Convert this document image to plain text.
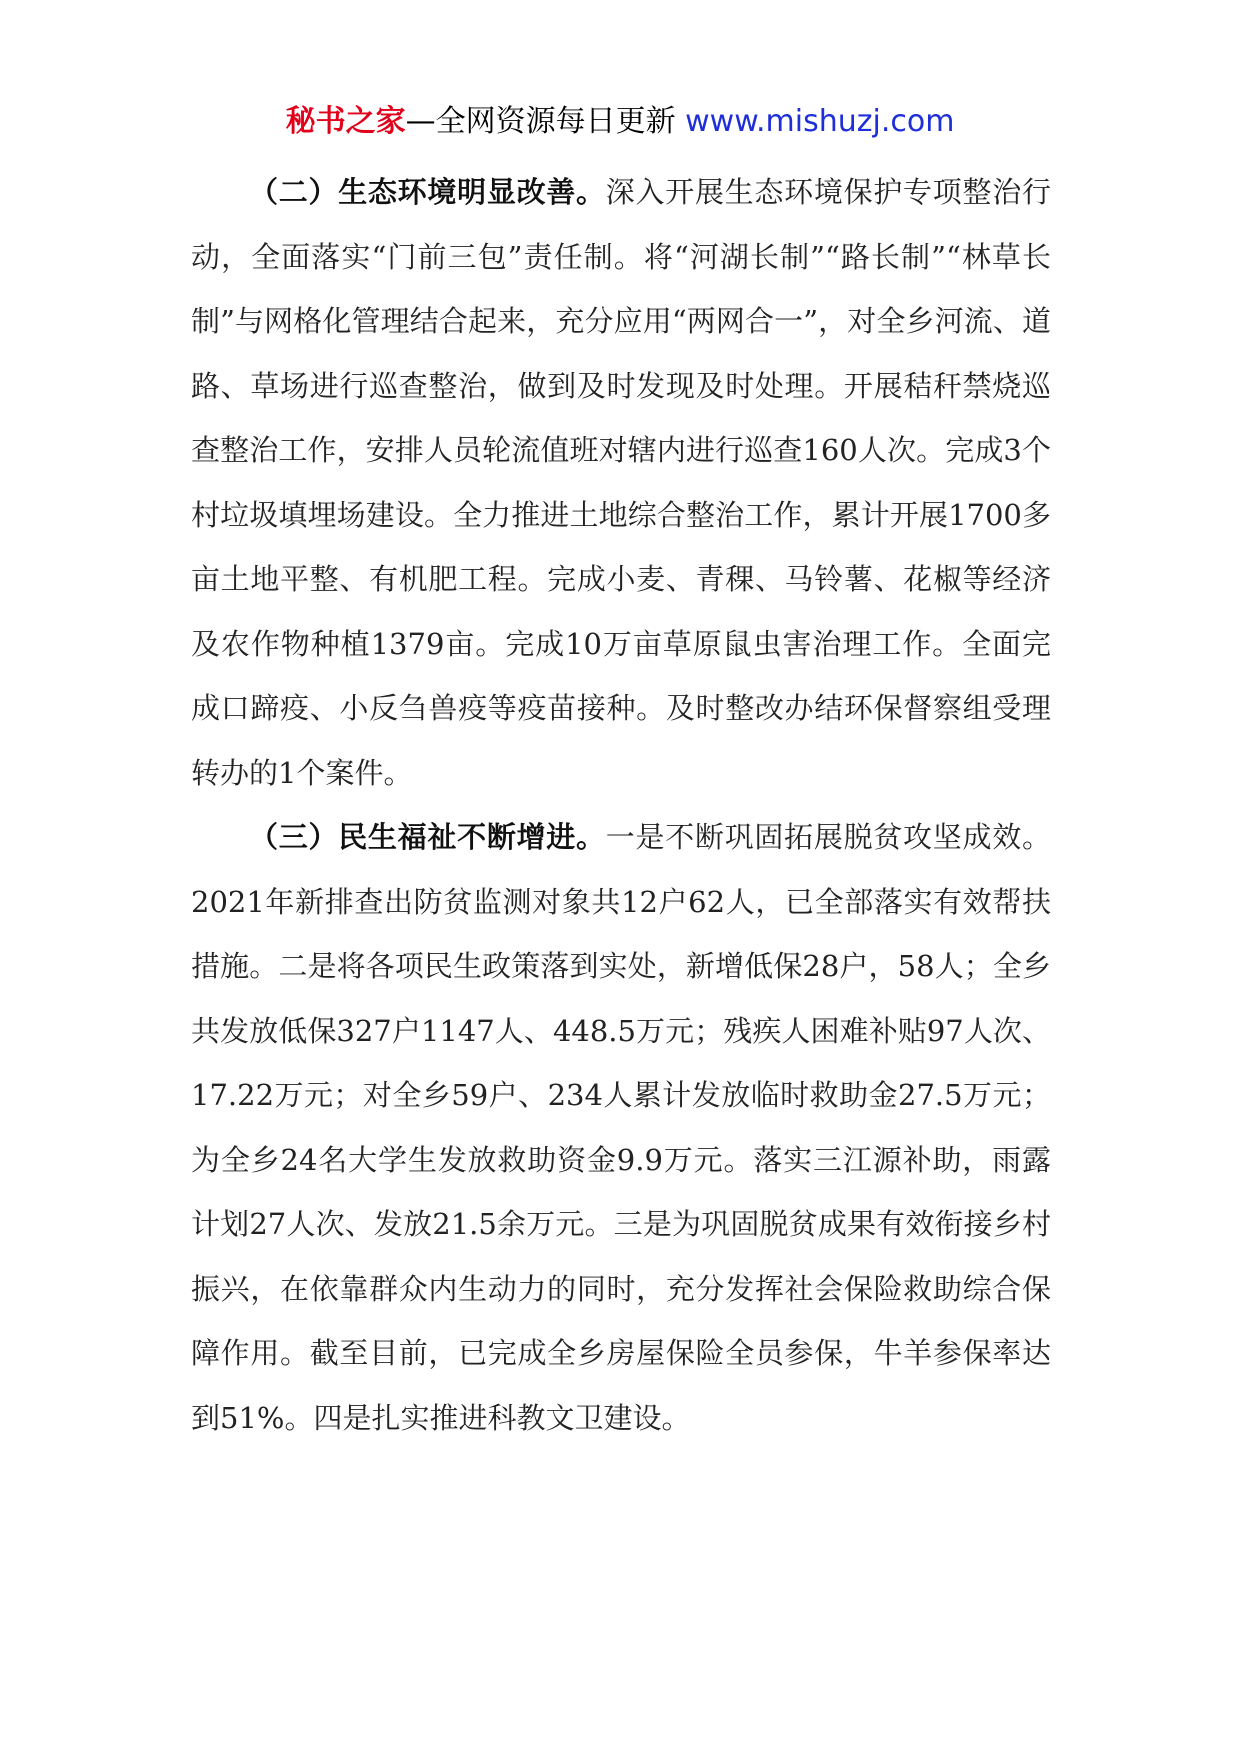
秘书之家—全网资源每日更新 www.mishuzj.com

（二）生态环境明显改善。深入开展生态环境保护专项整治行动，全面落实“门前三包”责任制。将“河湖长制”“路长制”“林草长制”与网格化管理结合起来，充分应用“两网合一”，对全乡河流、道路、草场进行巡查整治，做到及时发现及时处理。开展秸秆禁烧巡查整治工作，安排人员轮流值班对辖内进行巡查160人次。完成3个村垃圾填埋场建设。全力推进土地综合整治工作，累计开展1700多亩土地平整、有机肥工程。完成小麦、青稞、马铃薯、花椒等经济及农作物种植1379亩。完成10万亩草原鼠虫害治理工作。全面完成口蹄疫、小反刍兽疫等疫苗接种。及时整改办结环保督察组受理转办的1个案件。

（三）民生福祉不断增进。一是不断巩固拓展脱贫攻坚成效。2021年新排查出防贫监测对象共12户62人，已全部落实有效帮扶措施。二是将各项民生政策落到实处，新增低保28户，58人；全乡共发放低保327户1147人、448.5万元；残疾人困难补贴97人次、17.22万元；对全乡59户、234人累计发放临时救助金27.5万元；为全乡24名大学生发放救助资金9.9万元。落实三江源补助，雨露计划27人次、发放21.5余万元。三是为巩固脱贫成果有效衔接乡村振兴，在依靠群众内生动力的同时，充分发挥社会保险救助综合保障作用。截至目前，已完成全乡房屋保险全员参保，牛羊参保率达到51%。四是扎实推进科教文卫建设。
